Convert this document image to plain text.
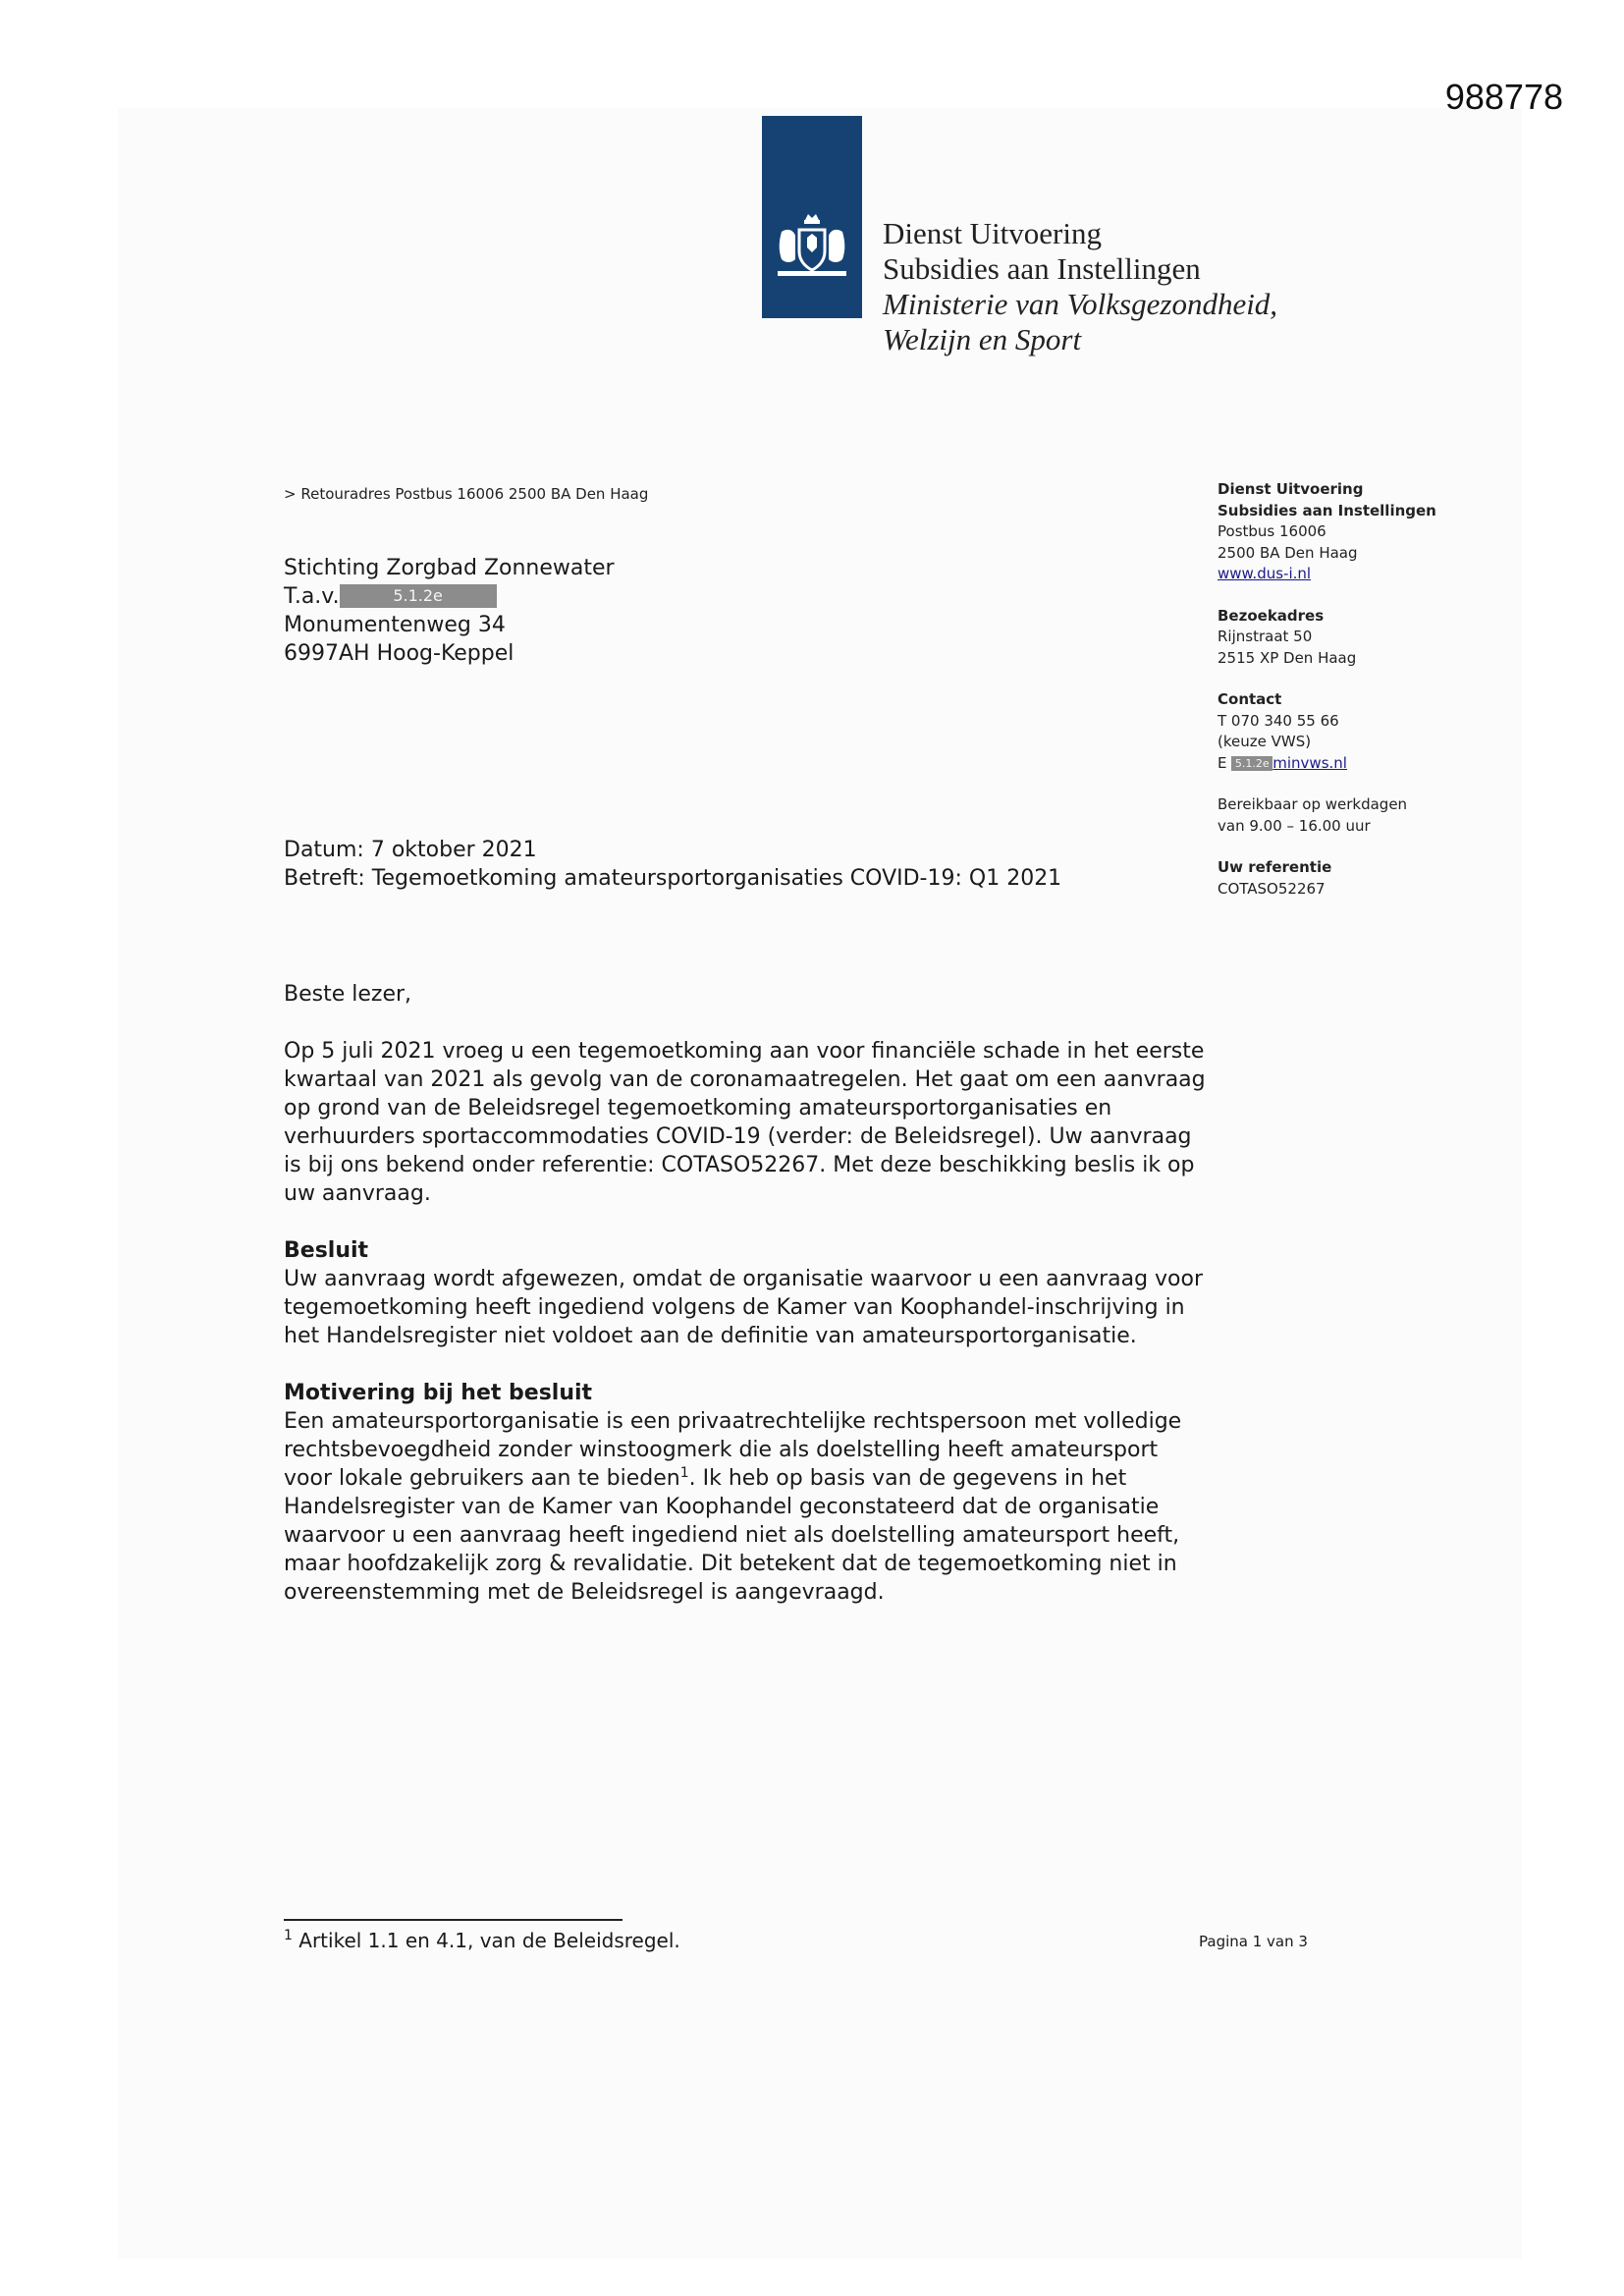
988778
Dienst Uitvoering
Subsidies aan Instellingen
Ministerie van Volksgezondheid,
Welzijn en Sport
> Retouradres Postbus 16006 2500 BA Den Haag
Stichting Zorgbad Zonnewater
T.a.v.	5.1.2e
Monumentenweg 34
6997AH Hoog-Keppel
Dienst Uitvoering
Subsidies aan Instellingen
Postbus 16006
2500 BA Den Haag
www.dus-i.nl
Bezoekadres
Rijnstraat 50
2515 XP Den Haag
Contact
T 070 340 55 66
(keuze VWS)
E 5.1.2e minvws.nl
Bereikbaar op werkdagen
van 9.00 – 16.00 uur
Uw referentie
COTASO52267
Datum: 7 oktober 2021
Betreft: Tegemoetkoming amateursportorganisaties COVID-19: Q1 2021

Beste lezer,

Op 5 juli 2021 vroeg u een tegemoetkoming aan voor financiële schade in het eerste
kwartaal van 2021 als gevolg van de coronamaatregelen. Het gaat om een aanvraag
op grond van de Beleidsregel tegemoetkoming amateursportorganisaties en
verhuurders sportaccommodaties COVID-19 (verder: de Beleidsregel). Uw aanvraag
is bij ons bekend onder referentie: COTASO52267. Met deze beschikking beslis ik op
uw aanvraag.
Besluit
Uw aanvraag wordt afgewezen, omdat de organisatie waarvoor u een aanvraag voor
tegemoetkoming heeft ingediend volgens de Kamer van Koophandel-inschrijving in
het Handelsregister niet voldoet aan de definitie van amateursportorganisatie.
Motivering bij het besluit
Een amateursportorganisatie is een privaatrechtelijke rechtspersoon met volledige
rechtsbevoegdheid zonder winstoogmerk die als doelstelling heeft amateursport
voor lokale gebruikers aan te bieden$^1$. Ik heb op basis van de gegevens in het
Handelsregister van de Kamer van Koophandel geconstateerd dat de organisatie
waarvoor u een aanvraag heeft ingediend niet als doelstelling amateursport heeft,
maar hoofdzakelijk zorg & revalidatie. Dit betekent dat de tegemoetkoming niet in
overeenstemming met de Beleidsregel is aangevraagd.
$^1$ Artikel 1.1 en 4.1, van de Beleidsregel.	Pagina 1 van 3
